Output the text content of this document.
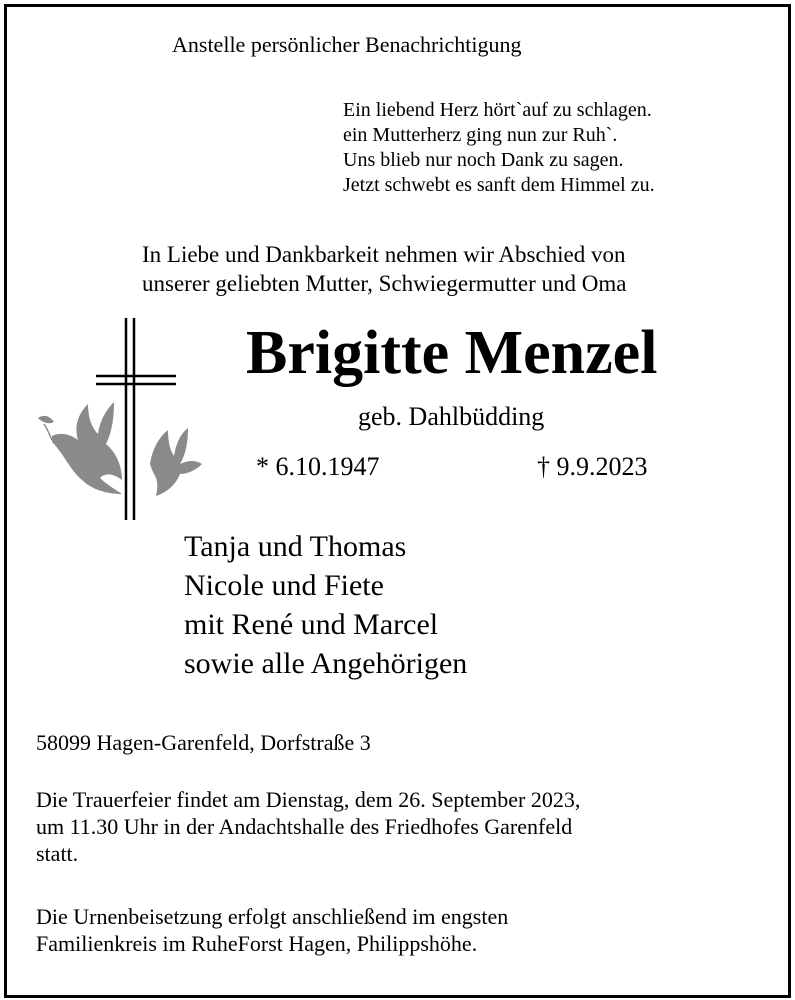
Anstelle persönlicher Benachrichtigung
Ein liebend Herz hört`auf zu schlagen.
ein Mutterherz ging nun zur Ruh`.
Uns blieb nur noch Dank zu sagen.
Jetzt schwebt es sanft dem Himmel zu.
In Liebe und Dankbarkeit nehmen wir Abschied von
unserer geliebten Mutter, Schwiegermutter und Oma
Brigitte Menzel
geb. Dahlbüdding
* 6.10.1947	† 9.9.2023
Tanja und Thomas
Nicole und Fiete
mit René und Marcel
sowie alle Angehörigen
58099 Hagen-Garenfeld, Dorfstraße 3
Die Trauerfeier findet am Dienstag, dem 26. September 2023,
um 11.30 Uhr in der Andachtshalle des Friedhofes Garenfeld
statt.
Die Urnenbeisetzung erfolgt anschließend im engsten
Familienkreis im RuheForst Hagen, Philippshöhe.
